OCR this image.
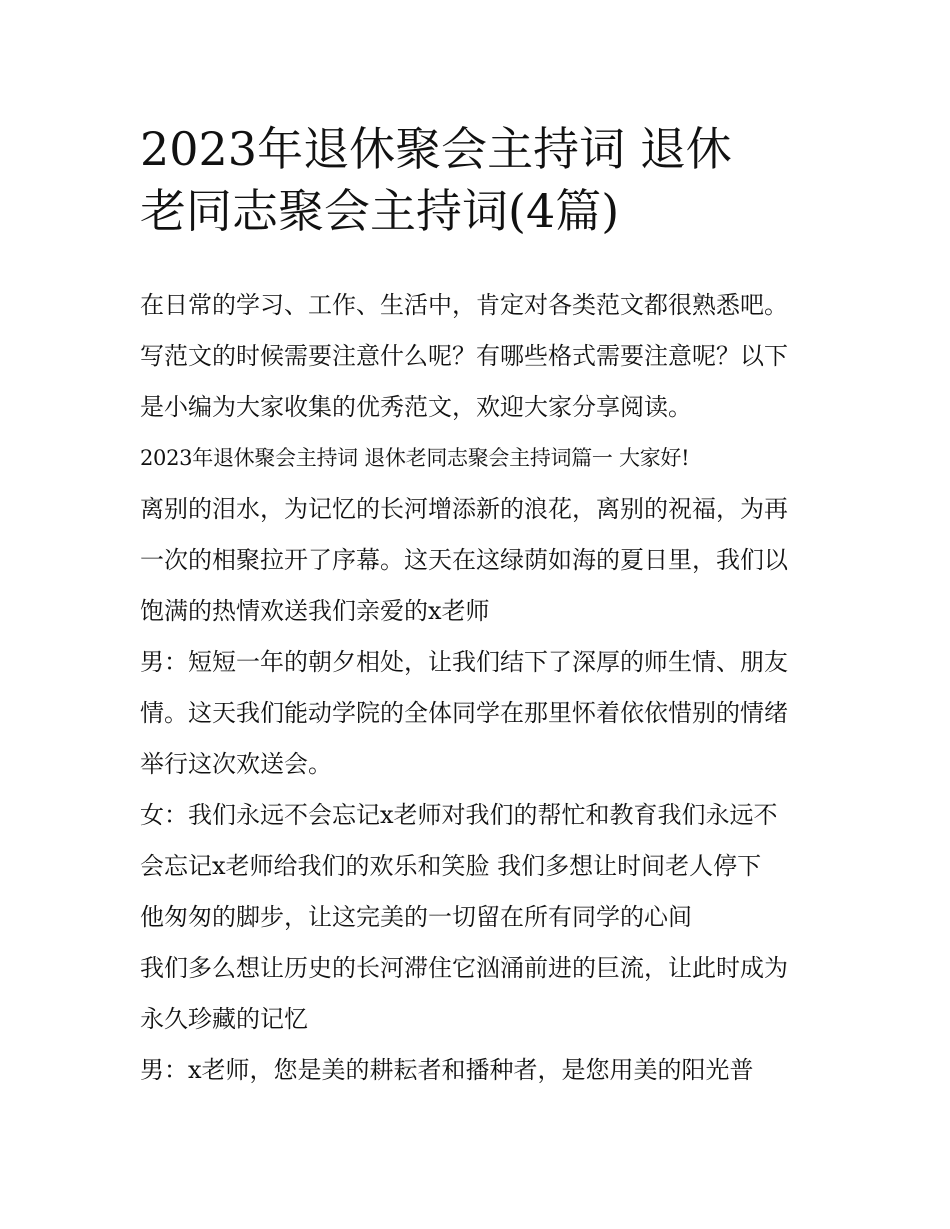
2023年退休聚会主持词 退休
老同志聚会主持词(4篇)
在日常的学习、工作、生活中，肯定对各类范文都很熟悉吧。
写范文的时候需要注意什么呢？有哪些格式需要注意呢？以下
是小编为大家收集的优秀范文，欢迎大家分享阅读。
2023年退休聚会主持词 退休老同志聚会主持词篇一 大家好!
离别的泪水，为记忆的长河增添新的浪花，离别的祝福，为再
一次的相聚拉开了序幕。这天在这绿荫如海的夏日里，我们以
饱满的热情欢送我们亲爱的x老师
男：短短一年的朝夕相处，让我们结下了深厚的师生情、朋友
情。这天我们能动学院的全体同学在那里怀着依依惜别的情绪
举行这次欢送会。
女：我们永远不会忘记x老师对我们的帮忙和教育我们永远不
会忘记x老师给我们的欢乐和笑脸 我们多想让时间老人停下
他匆匆的脚步，让这完美的一切留在所有同学的心间
我们多么想让历史的长河滞住它汹涌前进的巨流，让此时成为
永久珍藏的记忆
男：x老师，您是美的耕耘者和播种者，是您用美的阳光普
